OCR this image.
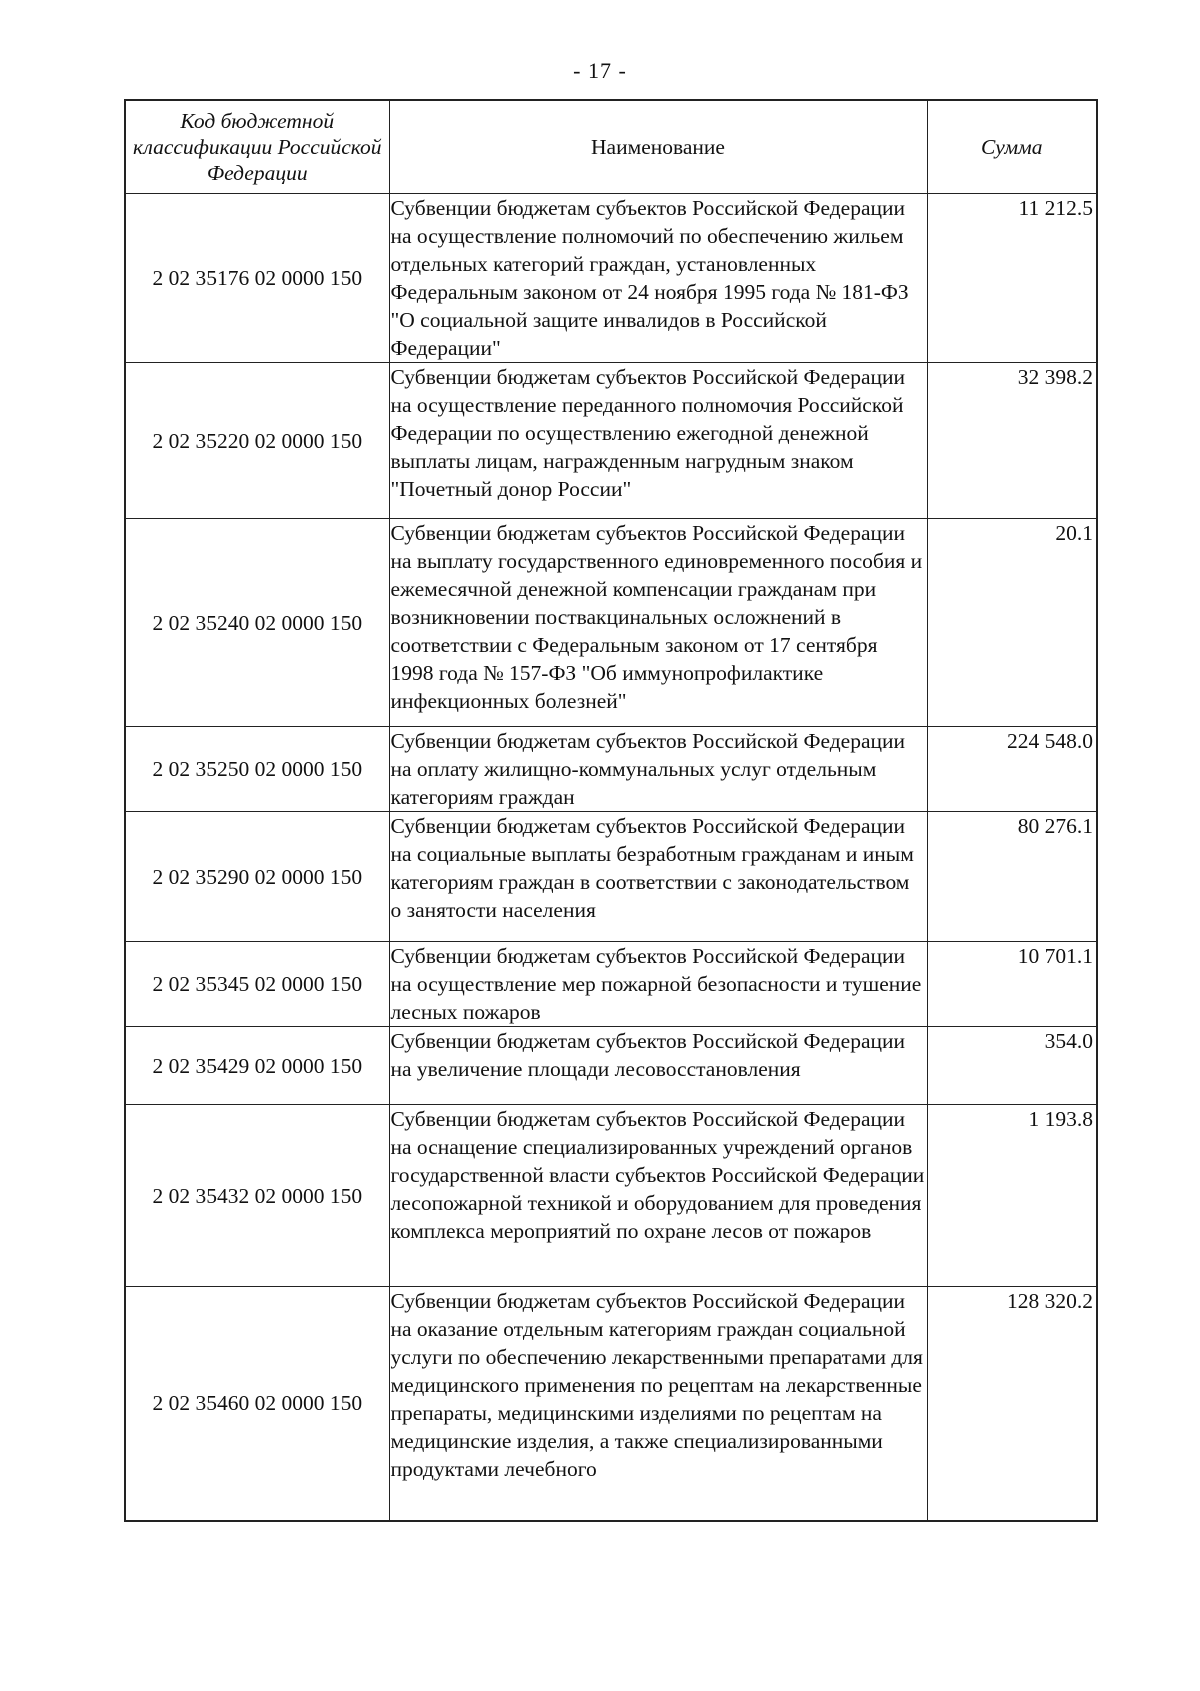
- 17 -
Код бюджетной классификации Российской Федерации	Наименование	Сумма
2 02 35176 02 0000 150	Субвенции бюджетам субъектов Российской Федерации на осуществление полномочий по обеспечению жильем отдельных категорий граждан, установленных Федеральным законом от 24 ноября 1995 года № 181-ФЗ "О социальной защите инвалидов в Российской Федерации"	11 212.5
2 02 35220 02 0000 150	Субвенции бюджетам субъектов Российской Федерации на осуществление переданного полномочия Российской Федерации по осуществлению ежегодной денежной выплаты лицам, награжденным нагрудным знаком "Почетный донор России"	32 398.2
2 02 35240 02 0000 150	Субвенции бюджетам субъектов Российской Федерации на выплату государственного единовременного пособия и ежемесячной денежной компенсации гражданам при возникновении поствакцинальных осложнений в соответствии с Федеральным законом от 17 сентября 1998 года № 157-ФЗ "Об иммунопрофилактике инфекционных болезней"	20.1
2 02 35250 02 0000 150	Субвенции бюджетам субъектов Российской Федерации на оплату жилищно-коммунальных услуг отдельным категориям граждан	224 548.0
2 02 35290 02 0000 150	Субвенции бюджетам субъектов Российской Федерации на социальные выплаты безработным гражданам и иным категориям граждан в соответствии с законодательством о занятости населения	80 276.1
2 02 35345 02 0000 150	Субвенции бюджетам субъектов Российской Федерации на осуществление мер пожарной безопасности и тушение лесных пожаров	10 701.1
2 02 35429 02 0000 150	Субвенции бюджетам субъектов Российской Федерации на увеличение площади лесовосстановления	354.0
2 02 35432 02 0000 150	Субвенции бюджетам субъектов Российской Федерации на оснащение специализированных учреждений органов государственной власти субъектов Российской Федерации лесопожарной техникой и оборудованием для проведения комплекса мероприятий по охране лесов от пожаров	1 193.8
2 02 35460 02 0000 150	Субвенции бюджетам субъектов Российской Федерации на оказание отдельным категориям граждан социальной услуги по обеспечению лекарственными препаратами для медицинского применения по рецептам на лекарственные препараты, медицинскими изделиями по рецептам на медицинские изделия, а также специализированными продуктами лечебного	128 320.2
